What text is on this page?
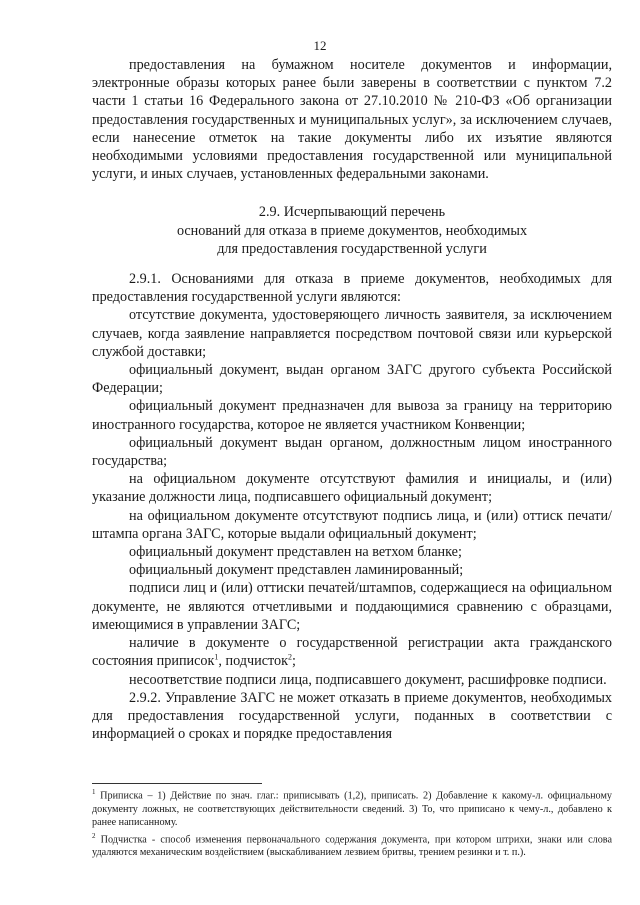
12

предоставления на бумажном носителе документов и информации, электронные образы которых ранее были заверены в соответствии с пунктом 7.2 части 1 статьи 16 Федерального закона от 27.10.2010 № 210-ФЗ «Об организации предоставления государственных и муниципальных услуг», за исключением случаев, если нанесение отметок на такие документы либо их изъятие являются необходимыми условиями предоставления государственной или муниципальной услуги, и иных случаев, установленных федеральными законами.

2.9. Исчерпывающий перечень
оснований для отказа в приеме документов, необходимых
для предоставления государственной услуги

2.9.1. Основаниями для отказа в приеме документов, необходимых для предоставления государственной услуги являются:

отсутствие документа, удостоверяющего личность заявителя, за исключением случаев, когда заявление направляется посредством почтовой связи или курьерской службой доставки;

официальный документ, выдан органом ЗАГС другого субъекта Российской Федерации;

официальный документ предназначен для вывоза за границу на территорию иностранного государства, которое не является участником Конвенции;

официальный документ выдан органом, должностным лицом иностранного государства;

на официальном документе отсутствуют фамилия и инициалы, и (или) указание должности лица, подписавшего официальный документ;

на официальном документе отсутствуют подпись лица, и (или) оттиск печати/штампа органа ЗАГС, которые выдали официальный документ;

официальный документ представлен на ветхом бланке;

официальный документ представлен ламинированный;

подписи лиц и (или) оттиски печатей/штампов, содержащиеся на официальном документе, не являются отчетливыми и поддающимися сравнению с образцами, имеющимися в управлении ЗАГС;

наличие в документе о государственной регистрации акта гражданского состояния приписок$^1$, подчисток$^2$;

несоответствие подписи лица, подписавшего документ, расшифровке подписи.

2.9.2. Управление ЗАГС не может отказать в приеме документов, необходимых для предоставления государственной услуги, поданных в соответствии с информацией о сроках и порядке предоставления

$^1$ Приписка – 1) Действие по знач. глаг.: приписывать (1,2), приписать. 2) Добавление к какому-л. официальному документу ложных, не соответствующих действительности сведений. 3) То, что приписано к чему-л., добавлено к ранее написанному.

$^2$ Подчистка - способ изменения первоначального содержания документа, при котором штрихи, знаки или слова удаляются механическим воздействием (выскабливанием лезвием бритвы, трением резинки и т. п.).
